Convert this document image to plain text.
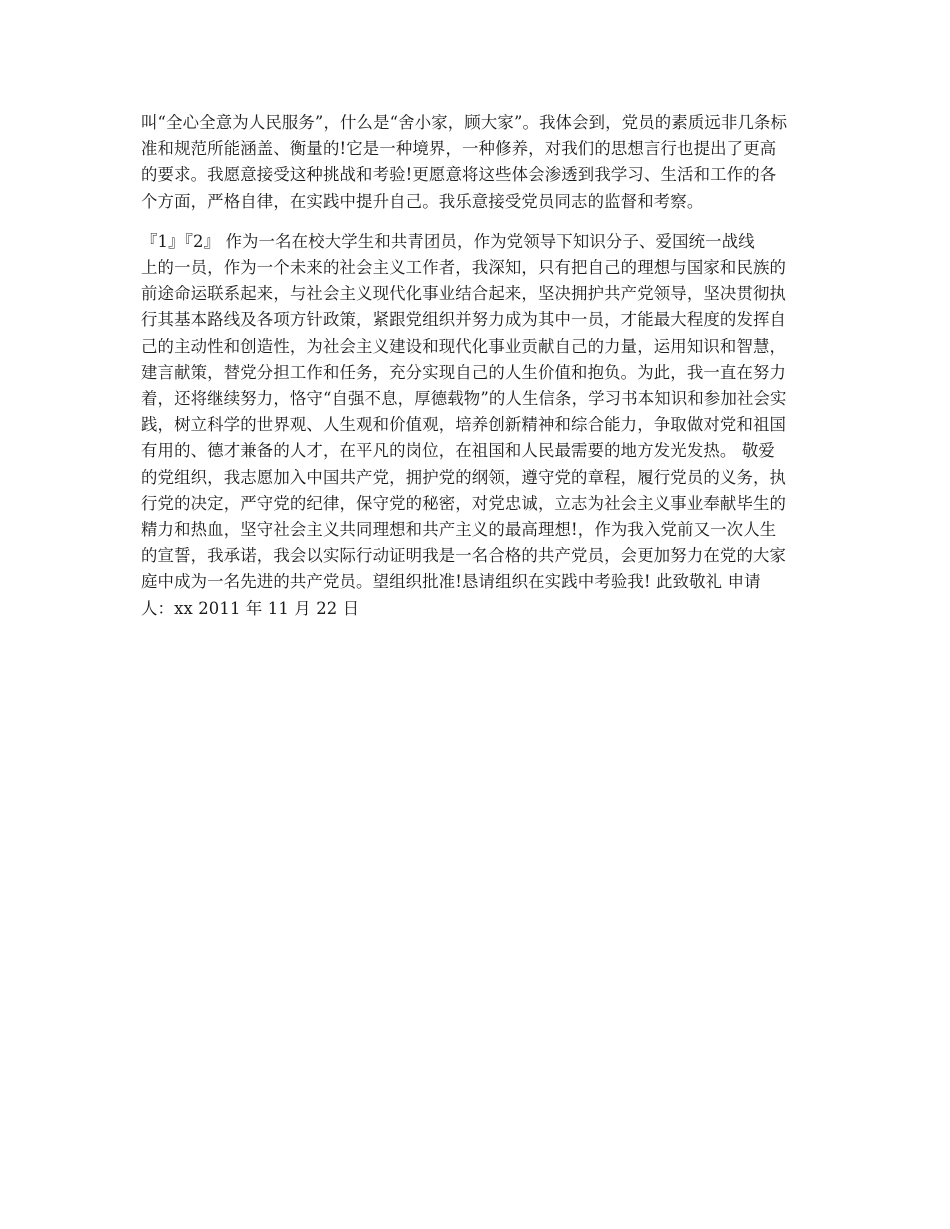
叫“全心全意为人民服务”，什么是“舍小家，顾大家”。我体会到，党员的素质远非几条标
准和规范所能涵盖、衡量的!它是一种境界，一种修养，对我们的思想言行也提出了更高
的要求。我愿意接受这种挑战和考验!更愿意将这些体会渗透到我学习、生活和工作的各
个方面，严格自律，在实践中提升自己。我乐意接受党员同志的监督和考察。

『1』『2』 作为一名在校大学生和共青团员，作为党领导下知识分子、爱国统一战线
上的一员，作为一个未来的社会主义工作者，我深知，只有把自己的理想与国家和民族的
前途命运联系起来，与社会主义现代化事业结合起来，坚决拥护共产党领导，坚决贯彻执
行其基本路线及各项方针政策，紧跟党组织并努力成为其中一员，才能最大程度的发挥自
己的主动性和创造性，为社会主义建设和现代化事业贡献自己的力量，运用知识和智慧，
建言献策，替党分担工作和任务，充分实现自己的人生价值和抱负。为此，我一直在努力
着，还将继续努力，恪守“自强不息，厚德载物”的人生信条，学习书本知识和参加社会实
践，树立科学的世界观、人生观和价值观，培养创新精神和综合能力，争取做对党和祖国
有用的、德才兼备的人才，在平凡的岗位，在祖国和人民最需要的地方发光发热。 敬爱
的党组织，我志愿加入中国共产党，拥护党的纲领，遵守党的章程，履行党员的义务，执
行党的决定，严守党的纪律，保守党的秘密，对党忠诚，立志为社会主义事业奉献毕生的
精力和热血，坚守社会主义共同理想和共产主义的最高理想!，作为我入党前又一次人生
的宣誓，我承诺，我会以实际行动证明我是一名合格的共产党员，会更加努力在党的大家
庭中成为一名先进的共产党员。望组织批准!恳请组织在实践中考验我! 此致敬礼 申请
人：xx 2011 年 11 月 22 日
